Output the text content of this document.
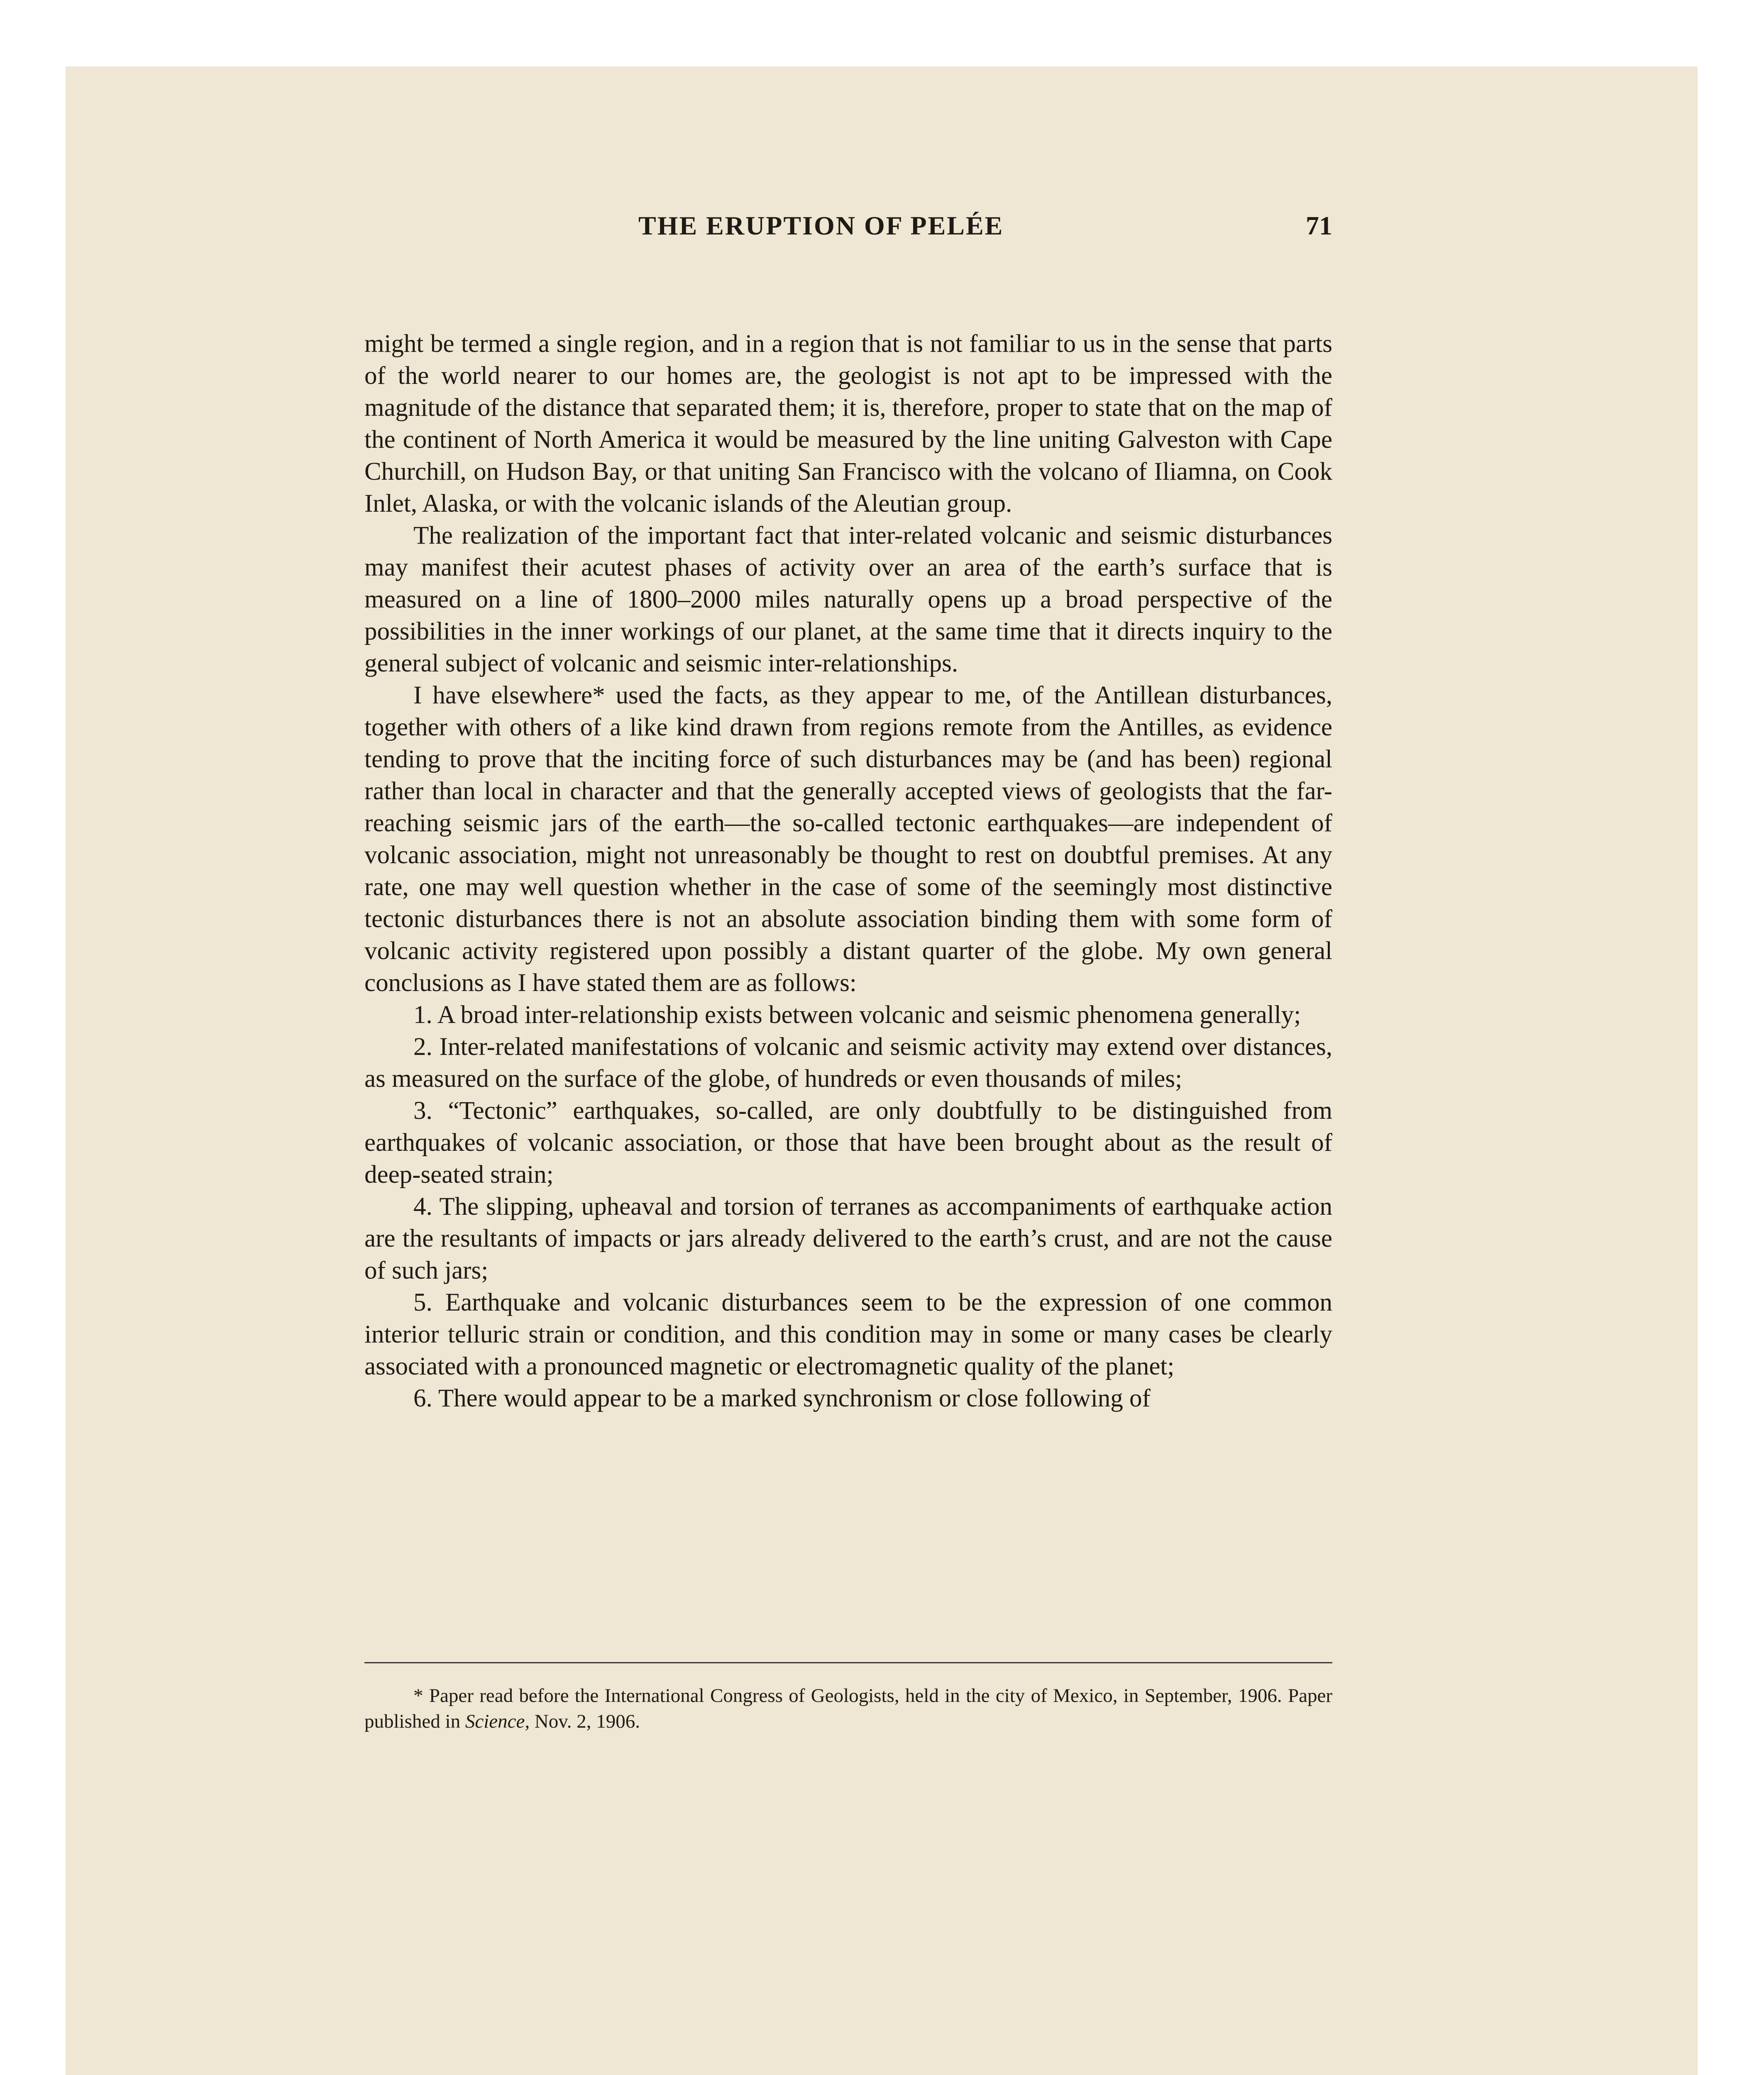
THE ERUPTION OF PELÉE	71

might be termed a single region, and in a region that is not familiar to us in the sense that parts of the world nearer to our homes are, the geologist is not apt to be impressed with the magnitude of the distance that separated them; it is, therefore, proper to state that on the map of the continent of North America it would be measured by the line uniting Galveston with Cape Churchill, on Hudson Bay, or that uniting San Francisco with the volcano of Iliamna, on Cook Inlet, Alaska, or with the volcanic islands of the Aleutian group.

The realization of the important fact that inter-related volcanic and seismic disturbances may manifest their acutest phases of activity over an area of the earth’s surface that is measured on a line of 1800–2000 miles naturally opens up a broad perspective of the possibilities in the inner workings of our planet, at the same time that it directs inquiry to the general subject of volcanic and seismic inter-relationships.

I have elsewhere* used the facts, as they appear to me, of the Antillean disturbances, together with others of a like kind drawn from regions remote from the Antilles, as evidence tending to prove that the inciting force of such disturbances may be (and has been) regional rather than local in character and that the generally accepted views of geologists that the far-reaching seismic jars of the earth—the so-called tectonic earthquakes—are independent of volcanic association, might not unreasonably be thought to rest on doubtful premises. At any rate, one may well question whether in the case of some of the seemingly most distinctive tectonic disturbances there is not an absolute association binding them with some form of volcanic activity registered upon possibly a distant quarter of the globe. My own general conclusions as I have stated them are as follows:

1. A broad inter-relationship exists between volcanic and seismic phenomena generally;

2. Inter-related manifestations of volcanic and seismic activity may extend over distances, as measured on the surface of the globe, of hundreds or even thousands of miles;

3. “Tectonic” earthquakes, so-called, are only doubtfully to be distinguished from earthquakes of volcanic association, or those that have been brought about as the result of deep-seated strain;

4. The slipping, upheaval and torsion of terranes as accompaniments of earthquake action are the resultants of impacts or jars already delivered to the earth’s crust, and are not the cause of such jars;

5. Earthquake and volcanic disturbances seem to be the expression of one common interior telluric strain or condition, and this condition may in some or many cases be clearly associated with a pronounced magnetic or electromagnetic quality of the planet;

6. There would appear to be a marked synchronism or close following of

* Paper read before the International Congress of Geologists, held in the city of Mexico, in September, 1906. Paper published in Science, Nov. 2, 1906.
